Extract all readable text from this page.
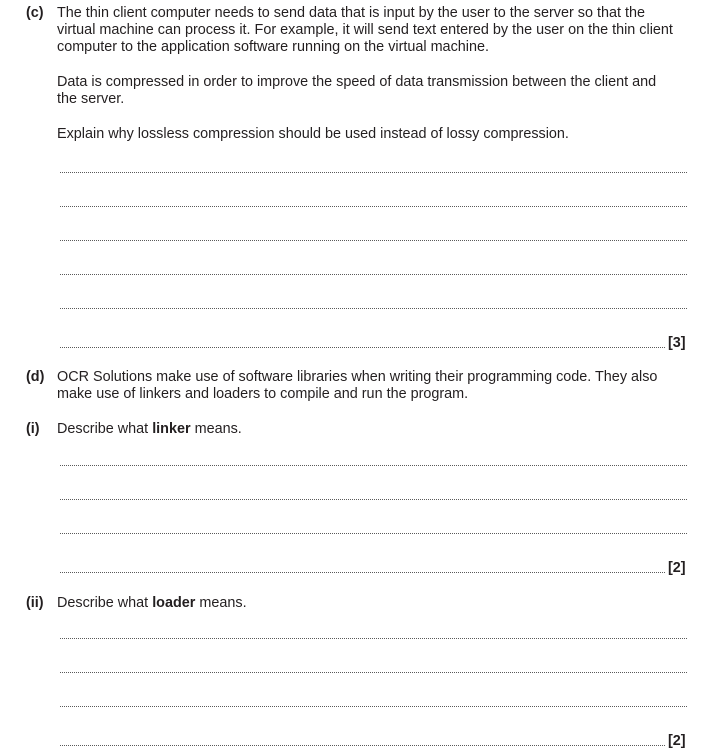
(c) The thin client computer needs to send data that is input by the user to the server so that the
virtual machine can process it. For example, it will send text entered by the user on the thin client
computer to the application software running on the virtual machine.
Data is compressed in order to improve the speed of data transmission between the client and
the server.
Explain why lossless compression should be used instead of lossy compression.
[3]
(d) OCR Solutions make use of software libraries when writing their programming code. They also
make use of linkers and loaders to compile and run the program.
(i) Describe what linker means.
[2]
(ii) Describe what loader means.
[2]
